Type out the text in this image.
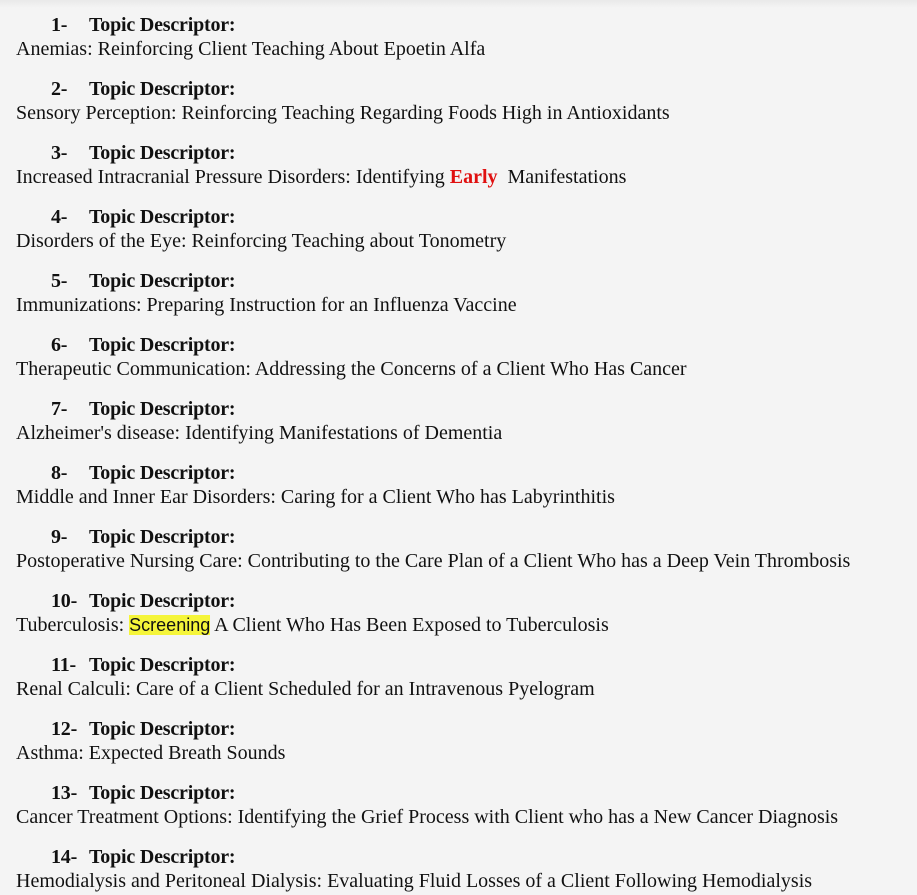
1- Topic Descriptor:
Anemias: Reinforcing Client Teaching About Epoetin Alfa
2- Topic Descriptor:
Sensory Perception: Reinforcing Teaching Regarding Foods High in Antioxidants
3- Topic Descriptor:
Increased Intracranial Pressure Disorders: Identifying Early  Manifestations
4- Topic Descriptor:
Disorders of the Eye: Reinforcing Teaching about Tonometry
5- Topic Descriptor:
Immunizations: Preparing Instruction for an Influenza Vaccine
6- Topic Descriptor:
Therapeutic Communication: Addressing the Concerns of a Client Who Has Cancer
7- Topic Descriptor:
Alzheimer's disease: Identifying Manifestations of Dementia
8- Topic Descriptor:
Middle and Inner Ear Disorders: Caring for a Client Who has Labyrinthitis
9- Topic Descriptor:
Postoperative Nursing Care: Contributing to the Care Plan of a Client Who has a Deep Vein Thrombosis
10- Topic Descriptor:
Tuberculosis: Screening A Client Who Has Been Exposed to Tuberculosis
11- Topic Descriptor:
Renal Calculi: Care of a Client Scheduled for an Intravenous Pyelogram
12- Topic Descriptor:
Asthma: Expected Breath Sounds
13- Topic Descriptor:
Cancer Treatment Options: Identifying the Grief Process with Client who has a New Cancer Diagnosis
14- Topic Descriptor:
Hemodialysis and Peritoneal Dialysis: Evaluating Fluid Losses of a Client Following Hemodialysis
